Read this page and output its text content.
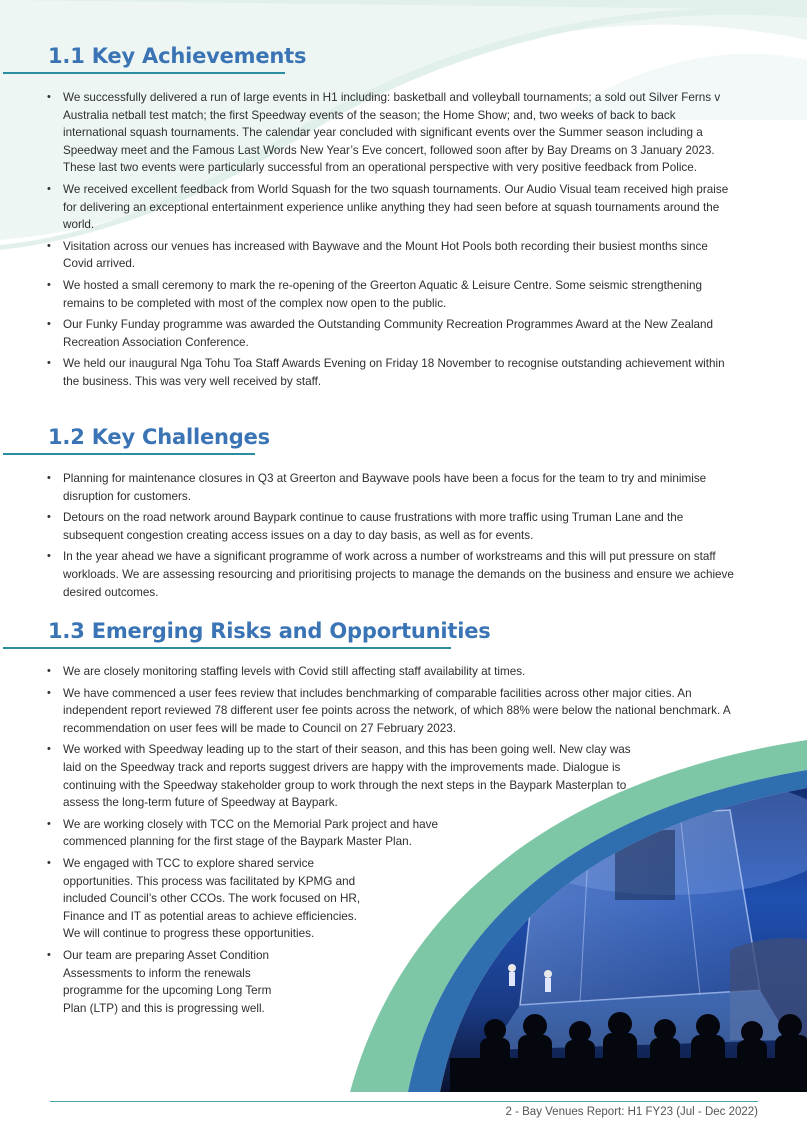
1.1 Key Achievements
• We successfully delivered a run of large events in H1 including: basketball and volleyball tournaments; a sold out Silver Ferns v Australia netball test match; the first Speedway events of the season; the Home Show; and, two weeks of back to back international squash tournaments. The calendar year concluded with significant events over the Summer season including a Speedway meet and the Famous Last Words New Year’s Eve concert, followed soon after by Bay Dreams on 3 January 2023. These last two events were particularly successful from an operational perspective with very positive feedback from Police.
• We received excellent feedback from World Squash for the two squash tournaments. Our Audio Visual team received high praise for delivering an exceptional entertainment experience unlike anything they had seen before at squash tournaments around the world.
• Visitation across our venues has increased with Baywave and the Mount Hot Pools both recording their busiest months since Covid arrived.
• We hosted a small ceremony to mark the re-opening of the Greerton Aquatic & Leisure Centre. Some seismic strengthening remains to be completed with most of the complex now open to the public.
• Our Funky Funday programme was awarded the Outstanding Community Recreation Programmes Award at the New Zealand Recreation Association Conference.
• We held our inaugural Nga Tohu Toa Staff Awards Evening on Friday 18 November to recognise outstanding achievement within the business. This was very well received by staff.
1.2 Key Challenges
• Planning for maintenance closures in Q3 at Greerton and Baywave pools have been a focus for the team to try and minimise disruption for customers.
• Detours on the road network around Baypark continue to cause frustrations with more traffic using Truman Lane and the subsequent congestion creating access issues on a day to day basis, as well as for events.
• In the year ahead we have a significant programme of work across a number of workstreams and this will put pressure on staff workloads. We are assessing resourcing and prioritising projects to manage the demands on the business and ensure we achieve desired outcomes.
1.3 Emerging Risks and Opportunities
• We are closely monitoring staffing levels with Covid still affecting staff availability at times.
• We have commenced a user fees review that includes benchmarking of comparable facilities across other major cities. An independent report reviewed 78 different user fee points across the network, of which 88% were below the national benchmark. A recommendation on user fees will be made to Council on 27 February 2023.
• We worked with Speedway leading up to the start of their season, and this has been going well. New clay was laid on the Speedway track and reports suggest drivers are happy with the improvements made. Dialogue is continuing with the Speedway stakeholder group to work through the next steps in the Baypark Masterplan to assess the long-term future of Speedway at Baypark.
• We are working closely with TCC on the Memorial Park project and have commenced planning for the first stage of the Baypark Master Plan.
• We engaged with TCC to explore shared service opportunities. This process was facilitated by KPMG and included Council’s other CCOs. The work focused on HR, Finance and IT as potential areas to achieve efficiencies. We will continue to progress these opportunities.
• Our team are preparing Asset Condition Assessments to inform the renewals programme for the upcoming Long Term Plan (LTP) and this is progressing well.
2 - Bay Venues Report: H1 FY23 (Jul - Dec 2022)
